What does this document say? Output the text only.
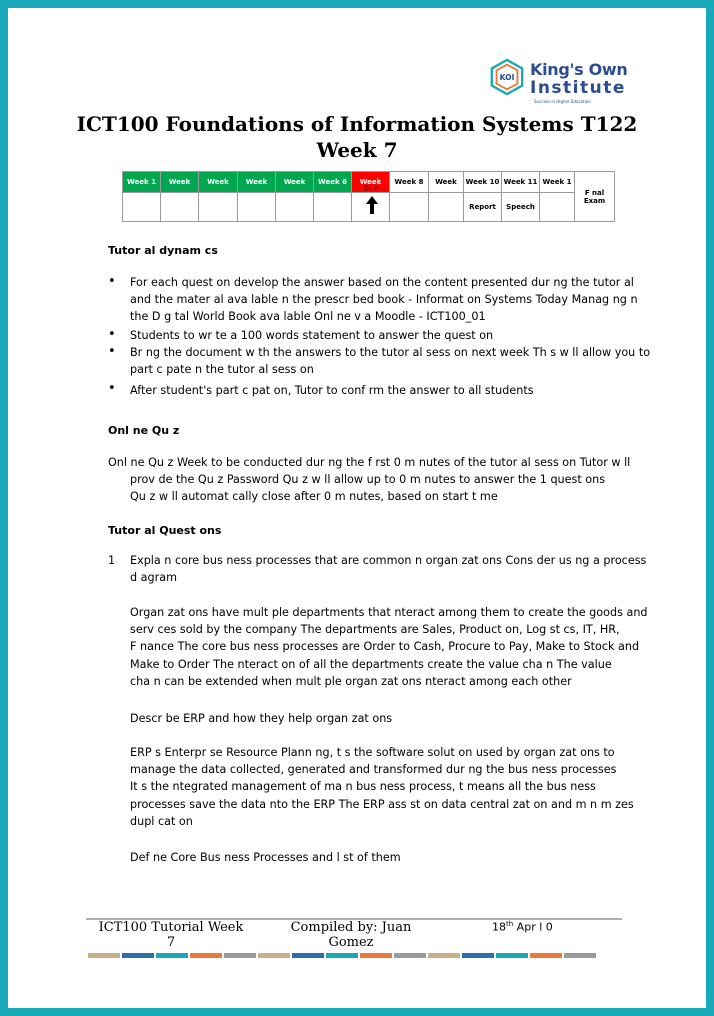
KOI King's Own
Institute
Success in Higher Education
ICT100 Foundations of Information Systems T122
Week 7
Week 1	Week	Week	Week	Week	Week 6	Week	Week 8	Week	Week 10	Week 11	Week 1	F nal Exam

						Qu z			Report	Speech		
Tutor al dynam cs
• For each quest on develop the answer based on the content presented dur ng the tutor al
and the mater al ava lable n the prescr bed book - Informat on Systems Today Manag ng n
the D g tal World Book ava lable Onl ne v a Moodle - ICT100_01
• Students to wr te a 100 words statement to answer the quest on
• Br ng the document w th the answers to the tutor al sess on next week Th s w ll allow you to
part c pate n the tutor al sess on
• After student's part c pat on, Tutor to conf rm the answer to all students
Onl ne Qu z
Onl ne Qu z Week to be conducted dur ng the f rst 0 m nutes of the tutor al sess on Tutor w ll
prov de the Qu z Password Qu z w ll allow up to 0 m nutes to answer the 1 quest ons
Qu z w ll automat cally close after 0 m nutes, based on start t me
Tutor al Quest ons
1 Expla n core bus ness processes that are common n organ zat ons Cons der us ng a process
d agram
Organ zat ons have mult ple departments that nteract among them to create the goods and
serv ces sold by the company The departments are Sales, Product on, Log st cs, IT, HR,
F nance The core bus ness processes are Order to Cash, Procure to Pay, Make to Stock and
Make to Order The nteract on of all the departments create the value cha n The value
cha n can be extended when mult ple organ zat ons nteract among each other
Descr be ERP and how they help organ zat ons
ERP s Enterpr se Resource Plann ng, t s the software solut on used by organ zat ons to
manage the data collected, generated and transformed dur ng the bus ness processes
It s the ntegrated management of ma n bus ness process, t means all the bus ness
processes save the data nto the ERP The ERP ass st on data central zat on and m n m zes
dupl cat on
Def ne Core Bus ness Processes and l st of them
ICT100 Tutorial Week
7
Compiled by: Juan
Gomez
18th Apr l 0
